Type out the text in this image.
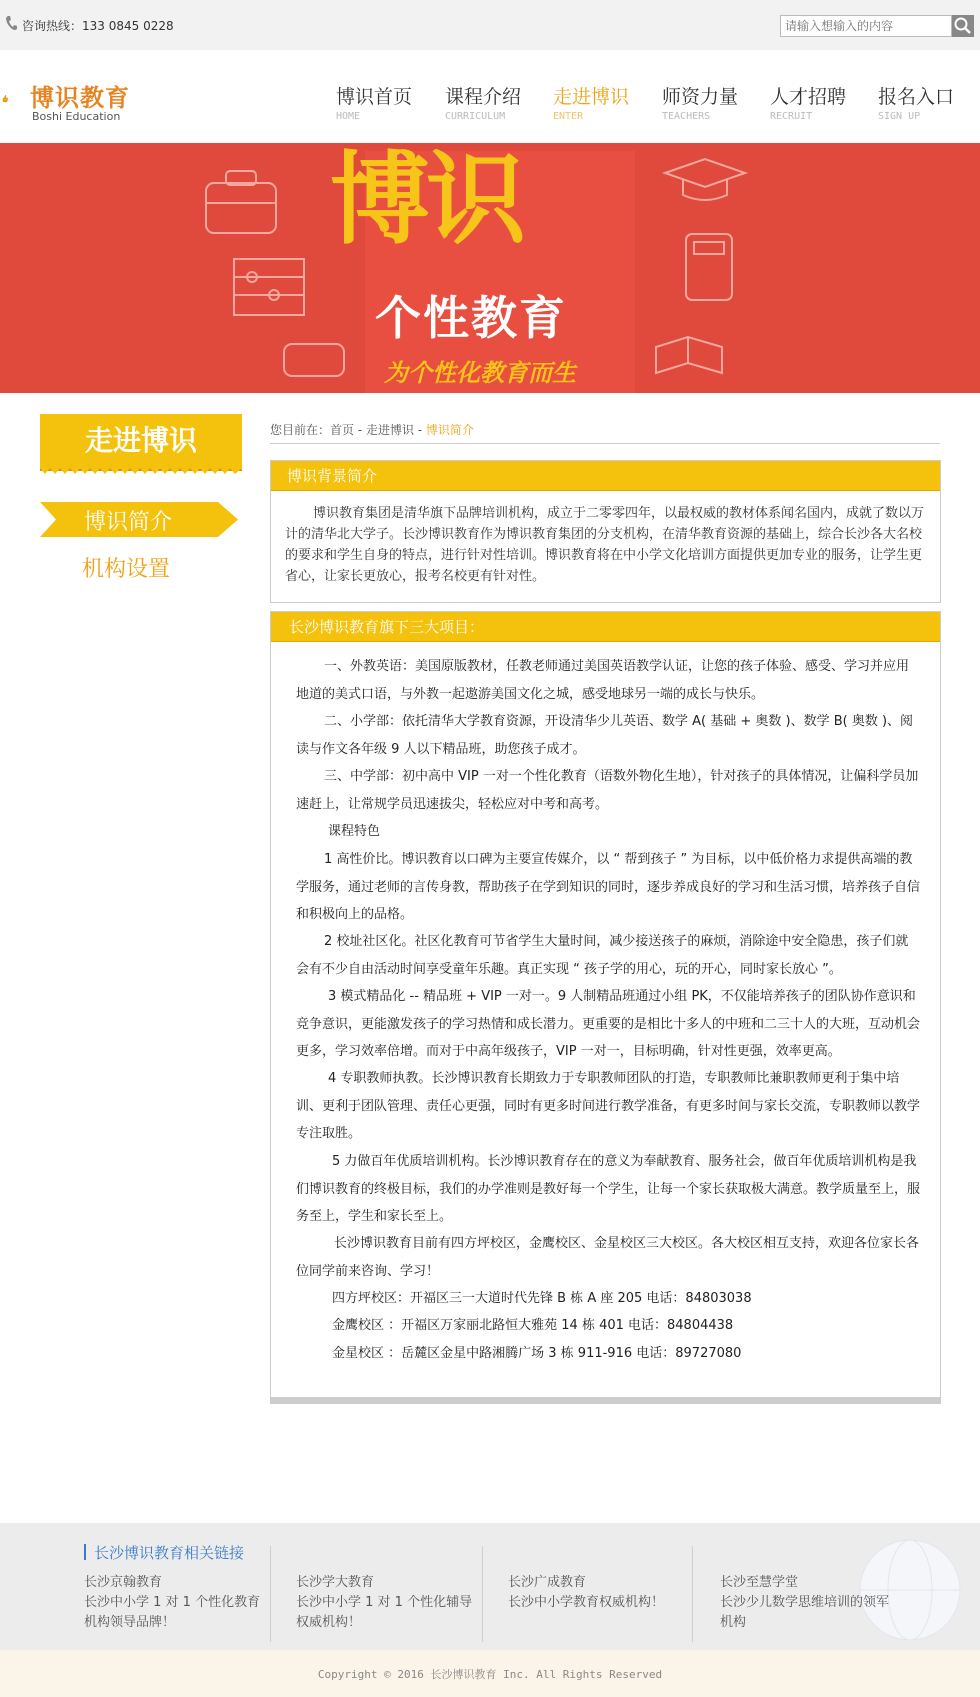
咨询热线：133 0845 0228
请输入想输入的内容
博识教育
Boshi Education
博识首页
HOME
课程介绍
CURRICULUM
走进博识
ENTER
师资力量
TEACHERS
人才招聘
RECRUIT
报名入口
SIGN UP
博识
个性教育
为个性化教育而生
走进博识
博识简介
机构设置
您目前在：首页 - 走进博识 - 博识简介
博识背景简介
博识教育集团是清华旗下品牌培训机构，成立于二零零四年，以最权威的教材体系闻名国内，成就了数以万计的清华北大学子。长沙博识教育作为博识教育集团的分支机构，在清华教育资源的基础上，综合长沙各大名校的要求和学生自身的特点，进行针对性培训。博识教育将在中小学文化培训方面提供更加专业的服务，让学生更省心，让家长更放心，报考名校更有针对性。
长沙博识教育旗下三大项目：
一、外教英语：美国原版教材，任教老师通过美国英语教学认证，让您的孩子体验、感受、学习并应用地道的美式口语，与外教一起遨游美国文化之城，感受地球另一端的成长与快乐。
二、小学部：依托清华大学教育资源，开设清华少儿英语、数学 A( 基础 + 奥数 )、数学 B( 奥数 )、阅读与作文各年级 9 人以下精品班，助您孩子成才。
三、中学部：初中高中 VIP 一对一个性化教育（语数外物化生地），针对孩子的具体情况，让偏科学员加速赶上，让常规学员迅速拔尖，轻松应对中考和高考。
课程特色
1 高性价比。博识教育以口碑为主要宣传媒介，以 “ 帮到孩子 ” 为目标，以中低价格力求提供高端的教学服务，通过老师的言传身教，帮助孩子在学到知识的同时，逐步养成良好的学习和生活习惯，培养孩子自信和积极向上的品格。
2 校址社区化。社区化教育可节省学生大量时间，减少接送孩子的麻烦，消除途中安全隐患，孩子们就会有不少自由活动时间享受童年乐趣。真正实现 “ 孩子学的用心，玩的开心，同时家长放心 ”。
3 模式精品化 -- 精品班 + VIP 一对一。9 人制精品班通过小组 PK，不仅能培养孩子的团队协作意识和竞争意识，更能激发孩子的学习热情和成长潜力。更重要的是相比十多人的中班和二三十人的大班，互动机会更多，学习效率倍增。而对于中高年级孩子，VIP 一对一，目标明确，针对性更强，效率更高。
4 专职教师执教。长沙博识教育长期致力于专职教师团队的打造，专职教师比兼职教师更利于集中培训、更利于团队管理、责任心更强，同时有更多时间进行教学准备，有更多时间与家长交流，专职教师以教学专注取胜。
5 力做百年优质培训机构。长沙博识教育存在的意义为奉献教育、服务社会，做百年优质培训机构是我们博识教育的终极目标，我们的办学准则是教好每一个学生，让每一个家长获取极大满意。教学质量至上，服务至上，学生和家长至上。
长沙博识教育目前有四方坪校区，金鹰校区、金星校区三大校区。各大校区相互支持，欢迎各位家长各位同学前来咨询、学习！
四方坪校区：开福区三一大道时代先锋 B 栋 A 座 205 电话：84803038
金鹰校区 ：开福区万家丽北路恒大雅苑 14 栋 401 电话：84804438
金星校区 ：岳麓区金星中路湘腾广场 3 栋 911-916 电话：89727080
长沙博识教育相关链接
长沙京翰教育
长沙中小学 1 对 1 个性化教育机构领导品牌！
长沙学大教育
长沙中小学 1 对 1 个性化辅导权威机构！
长沙广成教育
长沙中小学教育权威机构！
长沙至慧学堂
长沙少儿数学思维培训的领军机构
Copyright © 2016 长沙博识教育 Inc. All Rights Reserved
